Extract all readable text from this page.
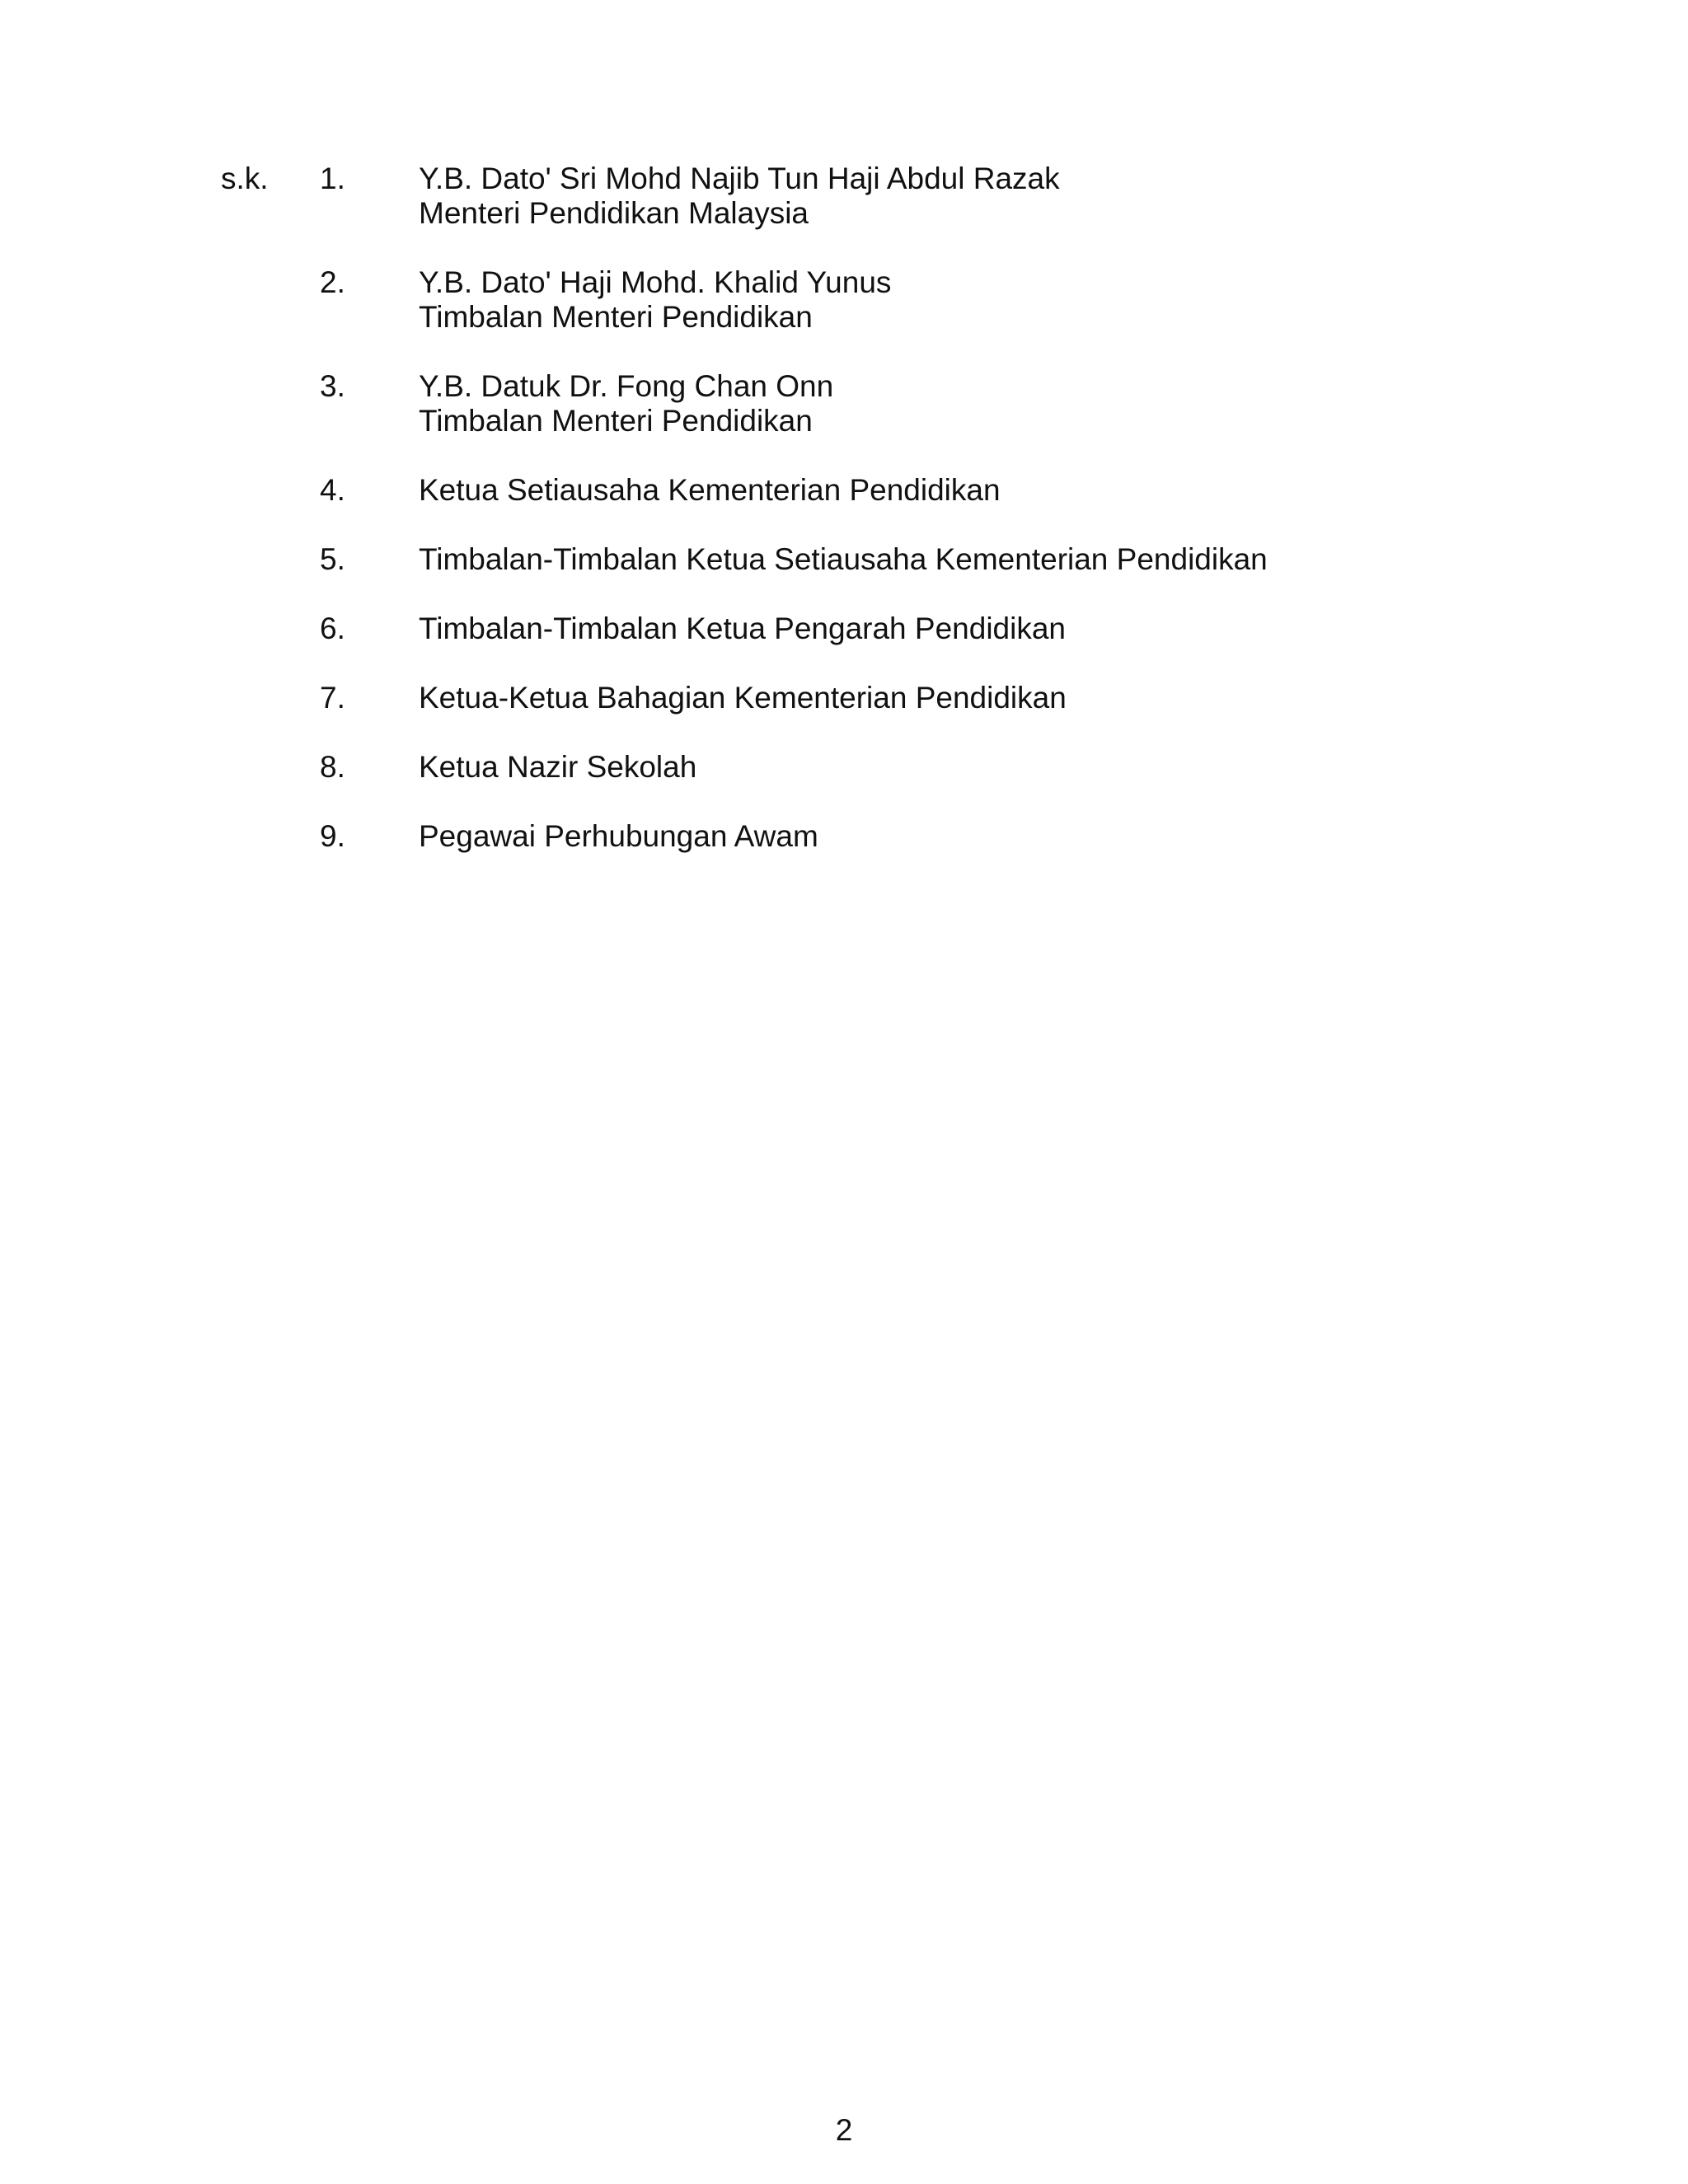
s.k. 1.	Y.B. Dato' Sri Mohd Najib Tun Haji Abdul Razak
Menteri Pendidikan Malaysia
2.	Y.B. Dato' Haji Mohd. Khalid Yunus
Timbalan Menteri Pendidikan
3.	Y.B. Datuk Dr. Fong Chan Onn
Timbalan Menteri Pendidikan
4.	Ketua Setiausaha Kementerian Pendidikan
5.	Timbalan-Timbalan Ketua Setiausaha Kementerian Pendidikan
6.	Timbalan-Timbalan Ketua Pengarah Pendidikan
7.	Ketua-Ketua Bahagian Kementerian Pendidikan
8.	Ketua Nazir Sekolah
9.	Pegawai Perhubungan Awam
2
